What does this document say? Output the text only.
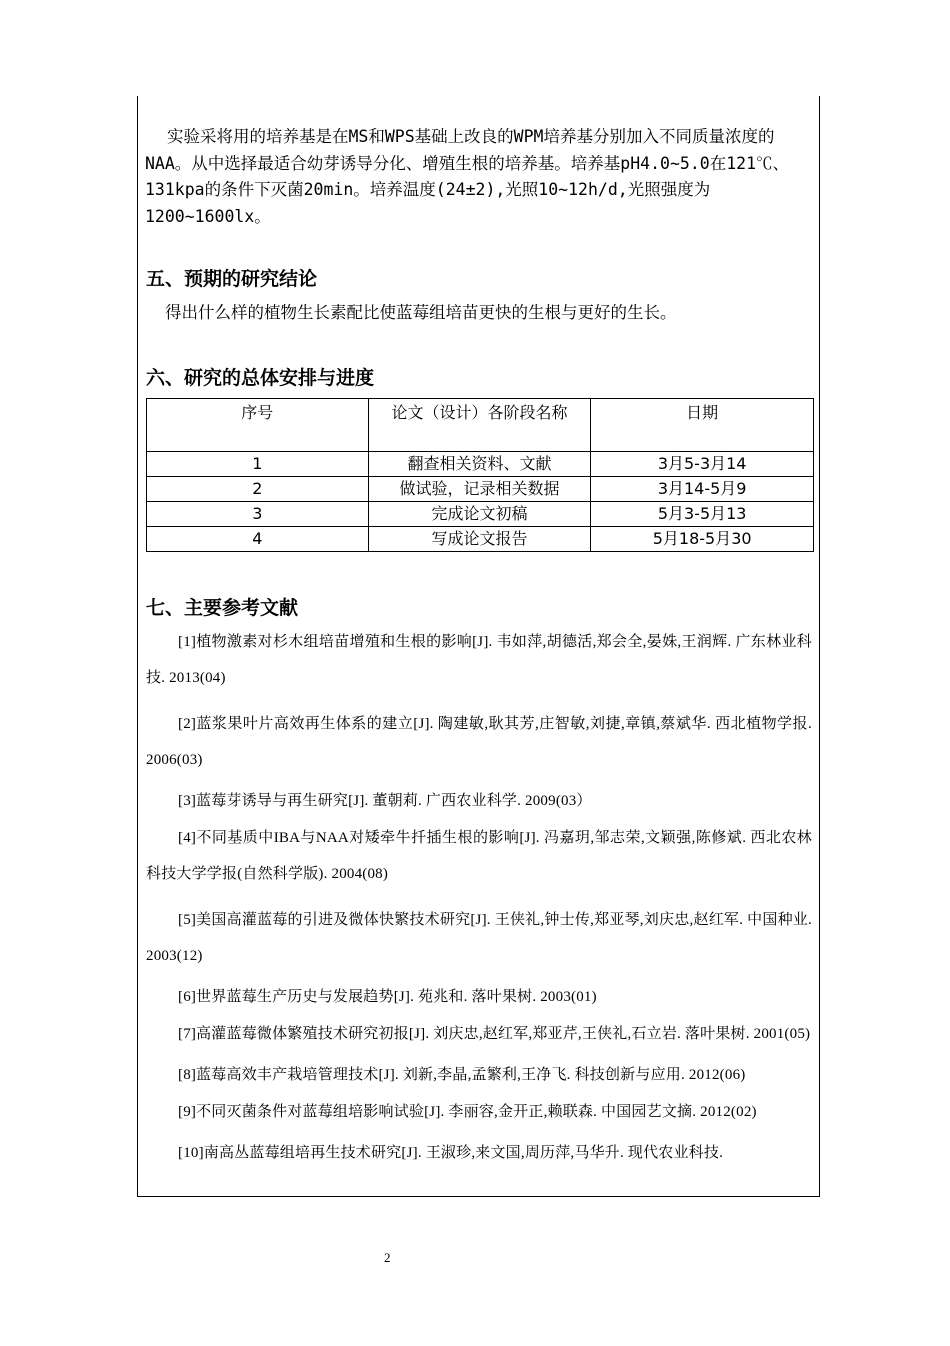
实验采将用的培养基是在MS和WPS基础上改良的WPM培养基分别加入不同质量浓度的NAA。从中选择最适合幼芽诱导分化、增殖生根的培养基。培养基pH4.0~5.0在121℃、131kpa的条件下灭菌20min。培养温度(24±2),光照10~12h/d,光照强度为1200~1600lx。

五、预期的研究结论
得出什么样的植物生长素配比使蓝莓组培苗更快的生根与更好的生长。
六、研究的总体安排与进度
序号	论文（设计）各阶段名称	日期
1	翻查相关资料、文献	3月5-3月14
2	做试验，记录相关数据	3月14-5月9
3	完成论文初稿	5月3-5月13
4	写成论文报告	5月18-5月30
七、主要参考文献

[1]植物激素对杉木组培苗增殖和生根的影响[J]. 韦如萍,胡德活,郑会全,晏姝,王润辉. 广东林业科技. 2013(04)

[2]蓝浆果叶片高效再生体系的建立[J]. 陶建敏,耿其芳,庄智敏,刘捷,章镇,蔡斌华. 西北植物学报. 2006(03)

[3]蓝莓芽诱导与再生研究[J]. 董朝莉. 广西农业科学. 2009(03）

[4]不同基质中IBA与NAA对矮牵牛扦插生根的影响[J]. 冯嘉玥,邹志荣,文颖强,陈修斌. 西北农林科技大学学报(自然科学版). 2004(08)

[5]美国高灌蓝莓的引进及微体快繁技术研究[J]. 王侠礼,钟士传,郑亚琴,刘庆忠,赵红军. 中国种业. 2003(12)

[6]世界蓝莓生产历史与发展趋势[J]. 苑兆和. 落叶果树. 2003(01)

[7]高灌蓝莓微体繁殖技术研究初报[J]. 刘庆忠,赵红军,郑亚芹,王侠礼,石立岩. 落叶果树. 2001(05)

[8]蓝莓高效丰产栽培管理技术[J]. 刘新,李晶,孟繁利,王净飞. 科技创新与应用. 2012(06)

[9]不同灭菌条件对蓝莓组培影响试验[J]. 李丽容,金开正,赖联森. 中国园艺文摘. 2012(02)

[10]南高丛蓝莓组培再生技术研究[J]. 王淑珍,来文国,周历萍,马华升. 现代农业科技.

2
